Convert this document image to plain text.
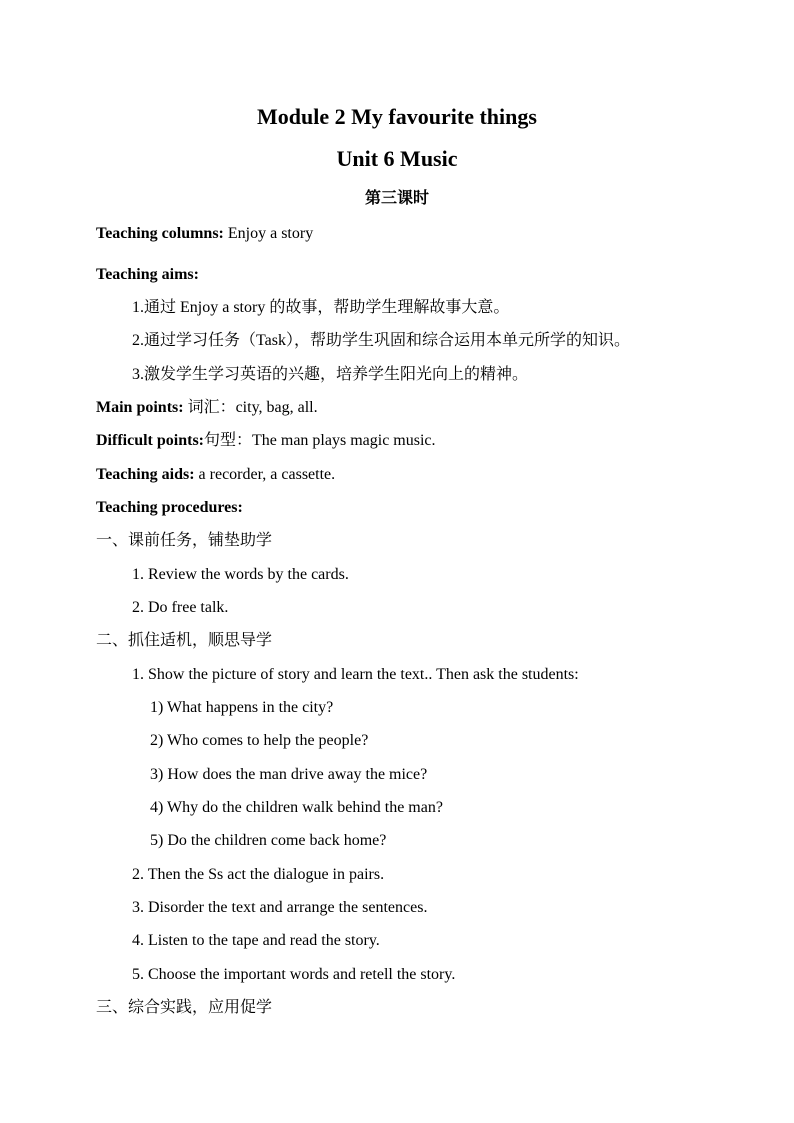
Module 2 My favourite things
Unit 6 Music
第三课时
Teaching columns: Enjoy a story
Teaching aims:
1.通过 Enjoy a story 的故事，帮助学生理解故事大意。
2.通过学习任务（Task），帮助学生巩固和综合运用本单元所学的知识。
3.激发学生学习英语的兴趣，培养学生阳光向上的精神。
Main points: 词汇：city, bag, all.
Difficult points:句型：The man plays magic music.
Teaching aids: a recorder, a cassette.
Teaching procedures:
一、课前任务，铺垫助学
1. Review the words by the cards.
2. Do free talk.
二、抓住适机，顺思导学
1. Show the picture of story and learn the text.. Then ask the students:
1) What happens in the city?
2) Who comes to help the people?
3) How does the man drive away the mice?
4) Why do the children walk behind the man?
5) Do the children come back home?
2. Then the Ss act the dialogue in pairs.
3. Disorder the text and arrange the sentences.
4. Listen to the tape and read the story.
5. Choose the important words and retell the story.
三、综合实践，应用促学
